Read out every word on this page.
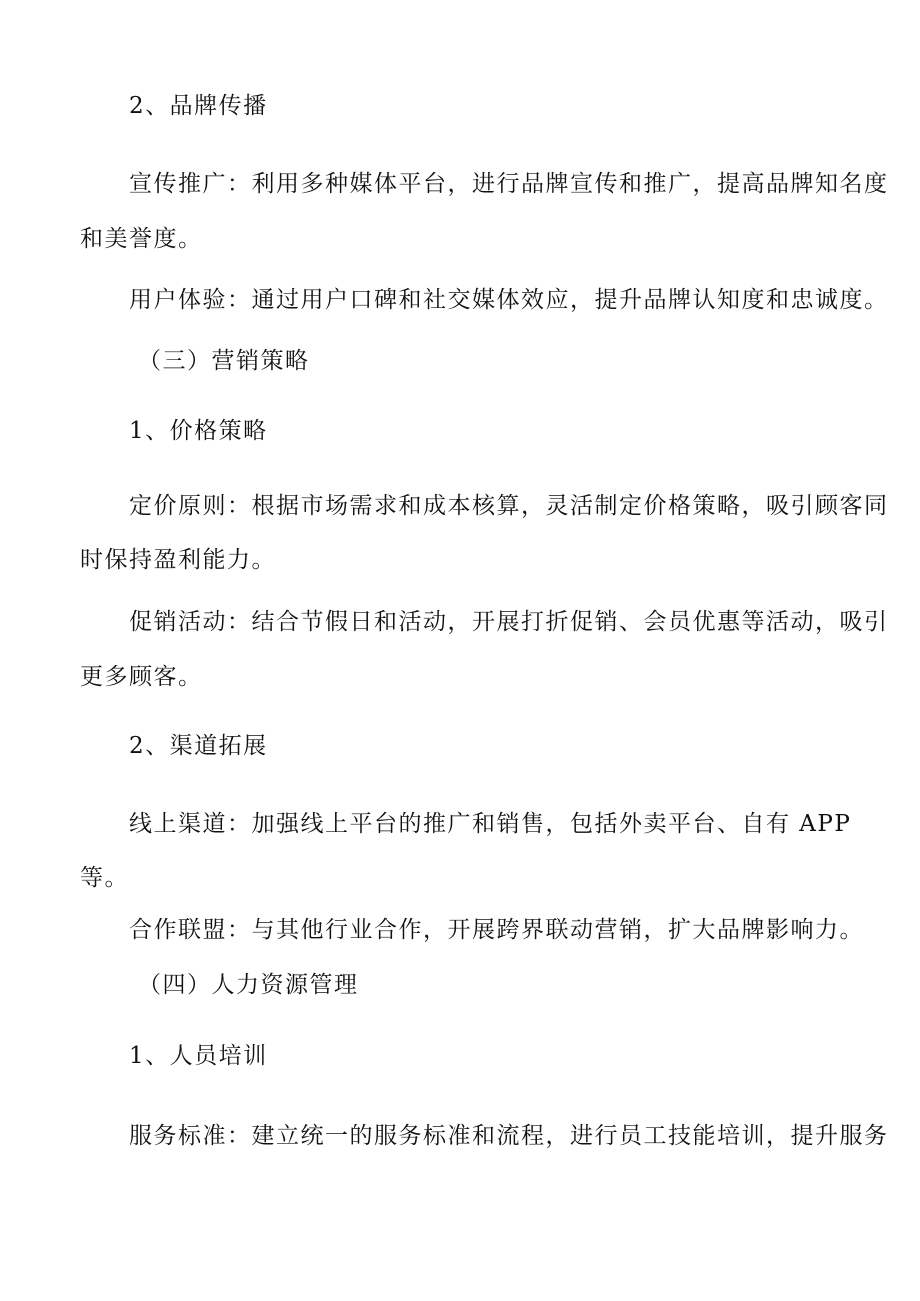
2、品牌传播
宣传推广：利用多种媒体平台，进行品牌宣传和推广，提高品牌知名度
和美誉度。
用户体验：通过用户口碑和社交媒体效应，提升品牌认知度和忠诚度。
（三）营销策略
1、价格策略
定价原则：根据市场需求和成本核算，灵活制定价格策略，吸引顾客同
时保持盈利能力。
促销活动：结合节假日和活动，开展打折促销、会员优惠等活动，吸引
更多顾客。
2、渠道拓展
线上渠道：加强线上平台的推广和销售，包括外卖平台、自有 APP
等。
合作联盟：与其他行业合作，开展跨界联动营销，扩大品牌影响力。
（四）人力资源管理
1、人员培训
服务标准：建立统一的服务标准和流程，进行员工技能培训，提升服务
